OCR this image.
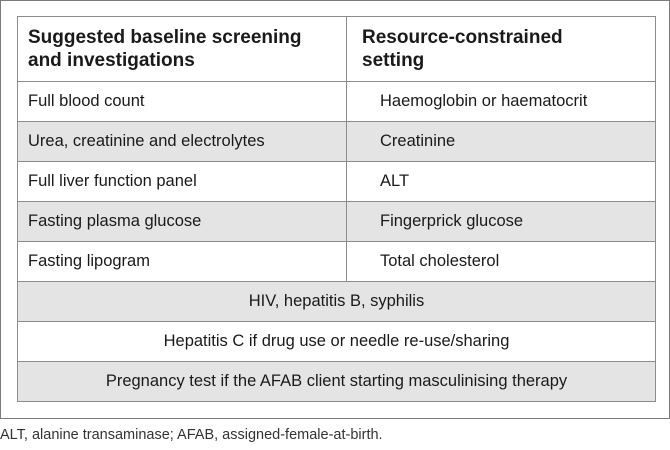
Suggested baseline screening
and investigations	Resource-constrained
setting
Full blood count	Haemoglobin or haematocrit
Urea, creatinine and electrolytes	Creatinine
Full liver function panel	ALT
Fasting plasma glucose	Fingerprick glucose
Fasting lipogram	Total cholesterol
HIV, hepatitis B, syphilis	
Hepatitis C if drug use or needle re-use/sharing	
Pregnancy test if the AFAB client starting masculinising therapy	
ALT, alanine transaminase; AFAB, assigned-female-at-birth.
